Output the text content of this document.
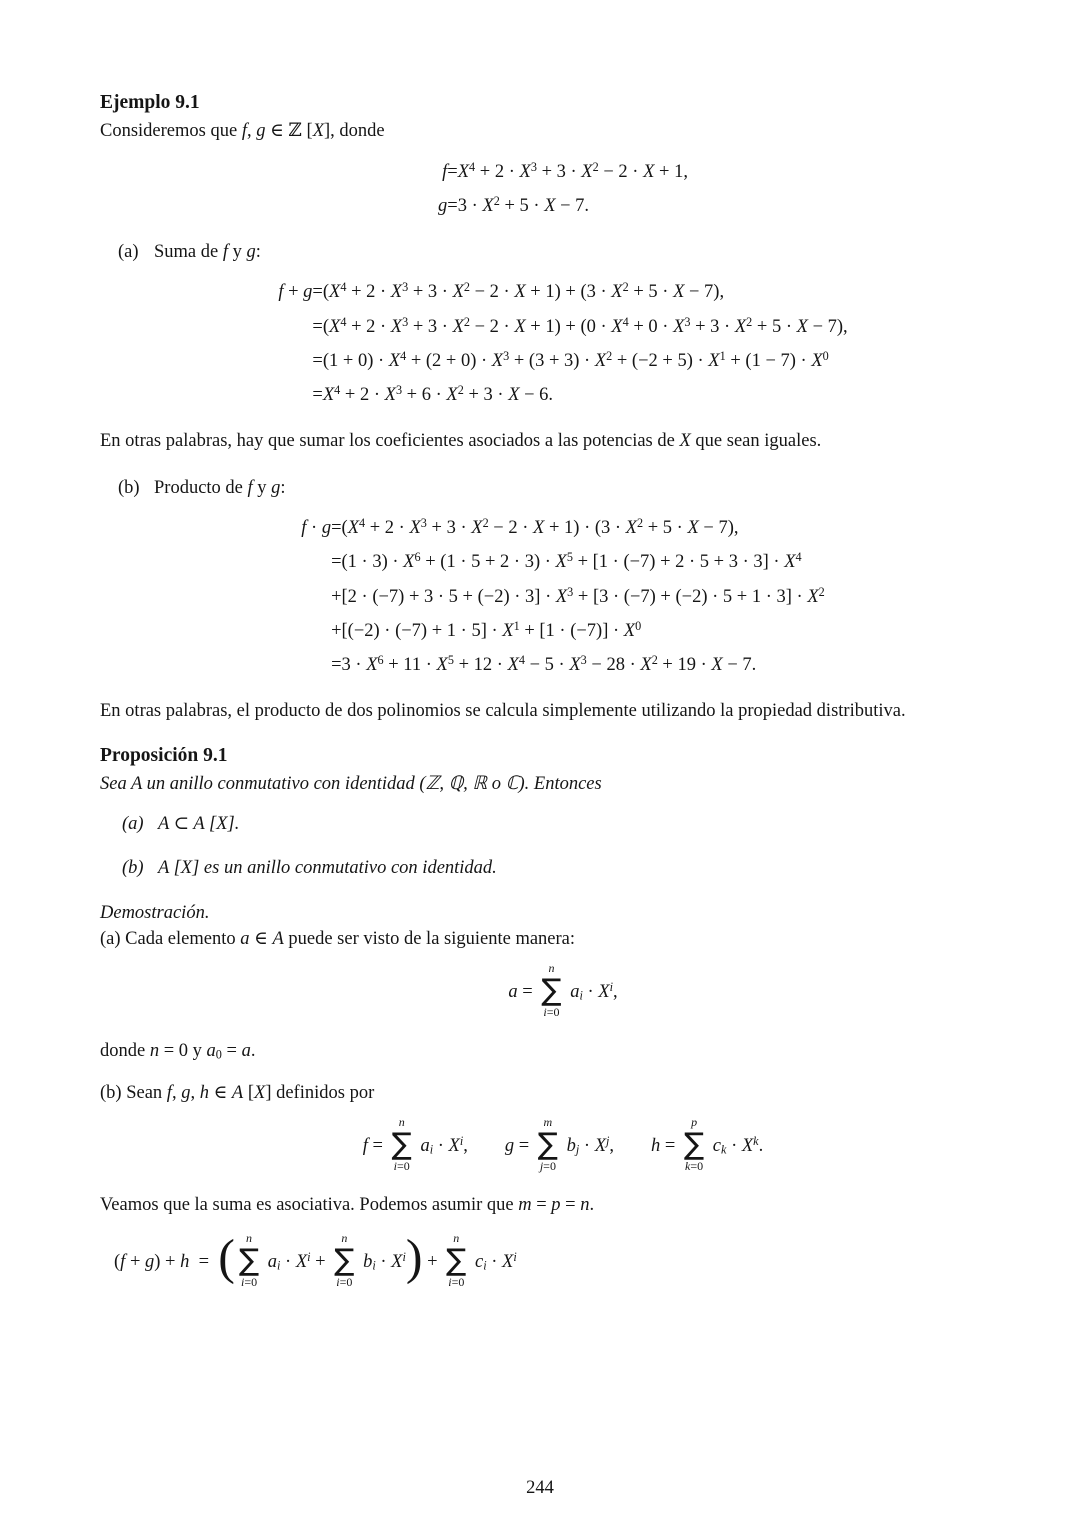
Ejemplo 9.1

Consideremos que f, g ∈ ℤ [X], donde

f	=	$X^4 + 2 \cdot X^3 + 3 \cdot X^2 - 2 \cdot X + 1$,
g	=	$3 \cdot X^2 + 5 \cdot X - 7$.
(a) Suma de f y g:
f + g	=	$(X^4 + 2 \cdot X^3 + 3 \cdot X^2 - 2 \cdot X + 1) + (3 \cdot X^2 + 5 \cdot X - 7)$,
	=	$(X^4 + 2 \cdot X^3 + 3 \cdot X^2 - 2 \cdot X + 1) + (0 \cdot X^4 + 0 \cdot X^3 + 3 \cdot X^2 + 5 \cdot X - 7)$,
	=	$(1 + 0) \cdot X^4 + (2 + 0) \cdot X^3 + (3 + 3) \cdot X^2 + (-2 + 5) \cdot X^1 + (1 - 7) \cdot X^0$
	=	$X^4 + 2 \cdot X^3 + 6 \cdot X^2 + 3 \cdot X - 6$.

En otras palabras, hay que sumar los coeficientes asociados a las potencias de X que sean iguales.

(b) Producto de f y g:
f · g	=	$(X^4 + 2 \cdot X^3 + 3 \cdot X^2 - 2 \cdot X + 1) \cdot (3 \cdot X^2 + 5 \cdot X - 7)$,
	=	$(1 \cdot 3) \cdot X^6 + (1 \cdot 5 + 2 \cdot 3) \cdot X^5 + [1 \cdot (-7) + 2 \cdot 5 + 3 \cdot 3] \cdot X^4$
	+	$[2 \cdot (-7) + 3 \cdot 5 + (-2) \cdot 3] \cdot X^3 + [3 \cdot (-7) + (-2) \cdot 5 + 1 \cdot 3] \cdot X^2$
	+	$[(-2) \cdot (-7) + 1 \cdot 5] \cdot X^1 + [1 \cdot (-7)] \cdot X^0$
	=	$3 \cdot X^6 + 11 \cdot X^5 + 12 \cdot X^4 - 5 \cdot X^3 - 28 \cdot X^2 + 19 \cdot X - 7$.

En otras palabras, el producto de dos polinomios se calcula simplemente utilizando la propiedad distributiva.

Proposición 9.1

Sea A un anillo conmutativo con identidad (ℤ, ℚ, ℝ o ℂ). Entonces

(a) A ⊂ A [X].
(b) A [X] es un anillo conmutativo con identidad.

Demostración.

(a) Cada elemento a ∈ A puede ser visto de la siguiente manera:

a =
n
∑
i=0
$a_i \cdot X^i$,

donde n = 0 y $a_0 = a$.

(b) Sean f, g, h ∈ A [X] definidos por

f =
n
∑
i=0
$a_i \cdot X^i$,  g =
m
∑
j=0
$b_j \cdot X^j$,  h =
p
∑
k=0
$c_k \cdot X^k$.

Veamos que la suma es asociativa. Podemos asumir que m = p = n.

(f + g) + h = ( n
∑
i=0
$a_i \cdot X^i$ +
n
∑
i=0
$b_i \cdot X^i$) +
n
∑
i=0
$c_i \cdot X^i$
244
